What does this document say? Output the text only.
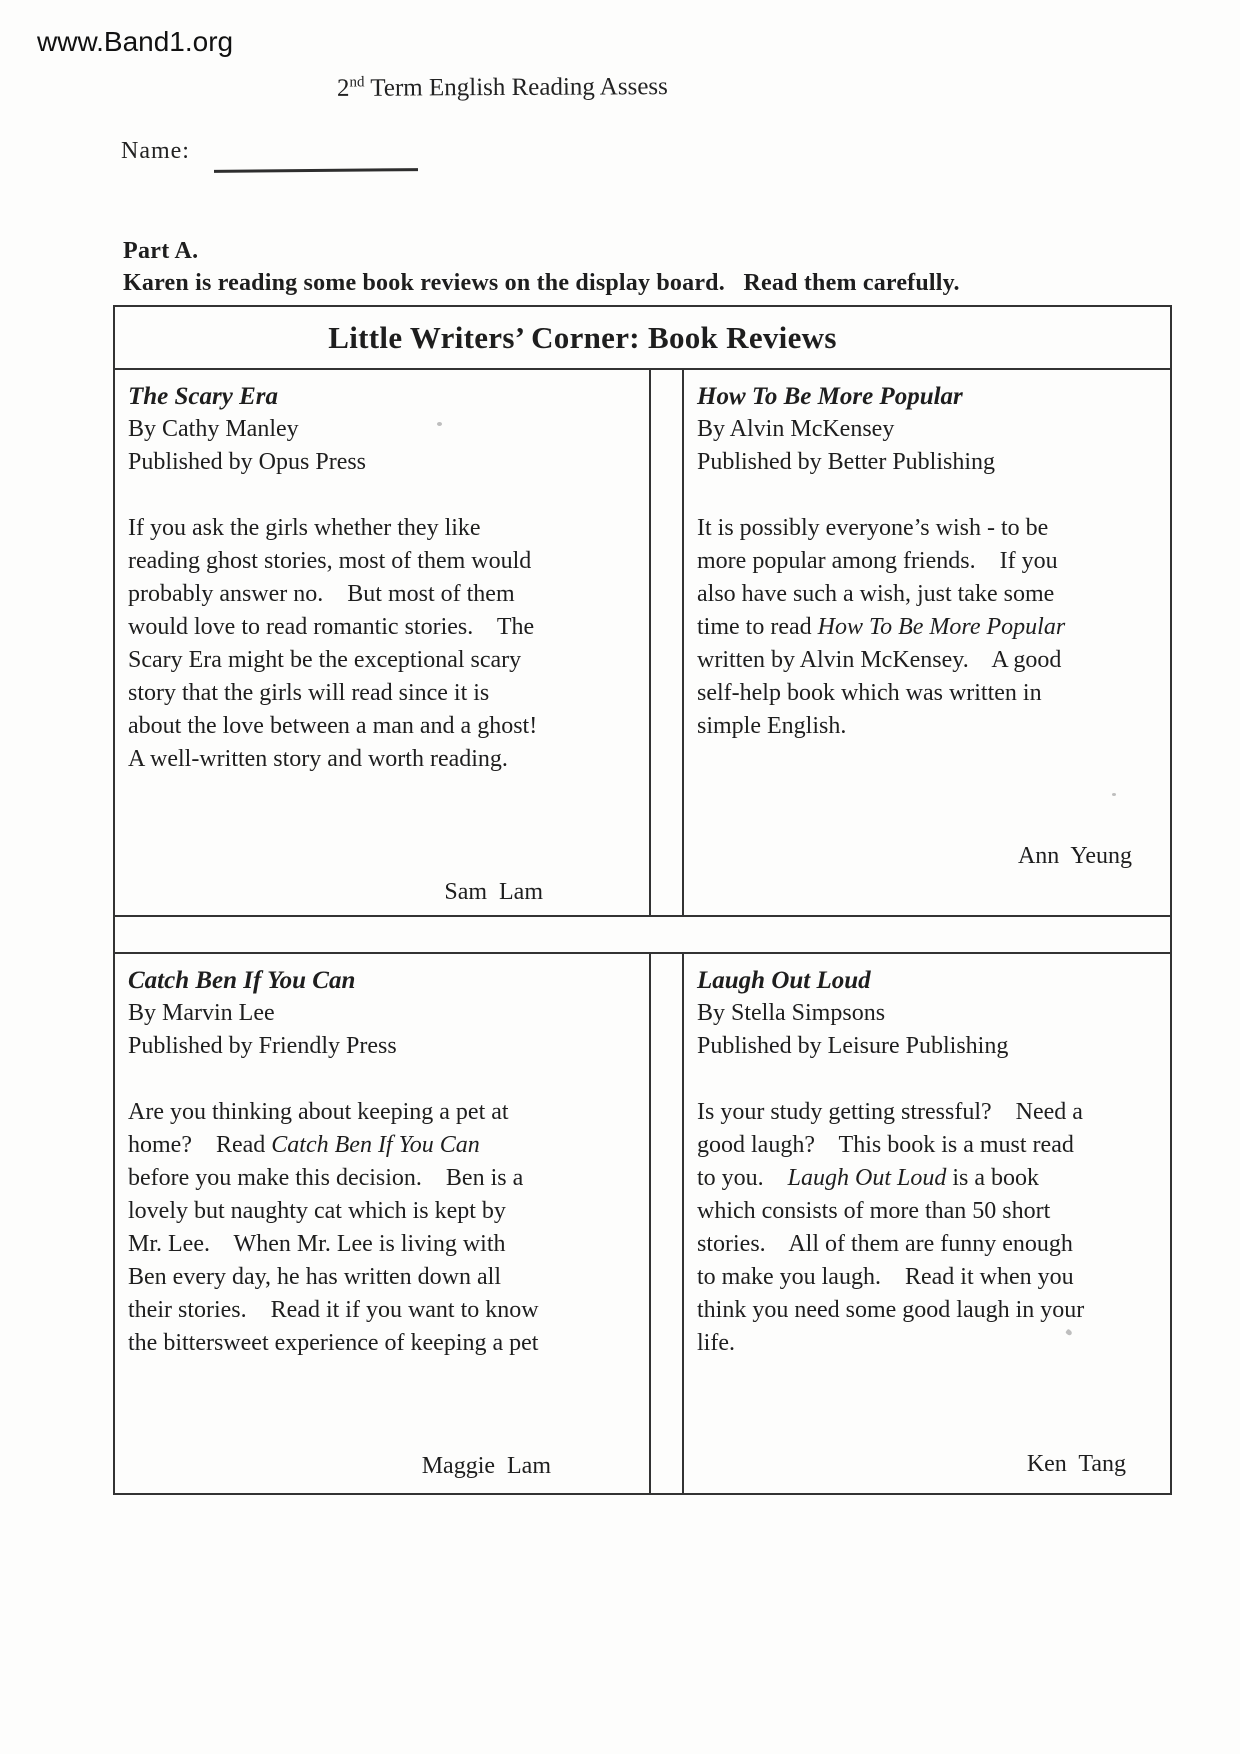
www.Band1.org
2nd Term English Reading Assess
Name:
Part A.
Karen is reading some book reviews on the display board.   Read them carefully.
Little Writers’ Corner: Book Reviews
The Scary Era
By Cathy Manley
Published by Opus Press
If you ask the girls whether they like
reading ghost stories, most of them would
probably answer no.    But most of them
would love to read romantic stories.    The
Scary Era might be the exceptional scary
story that the girls will read since it is
about the love between a man and a ghost!
A well-written story and worth reading.
Sam  Lam
How To Be More Popular
By Alvin McKensey
Published by Better Publishing
It is possibly everyone’s wish - to be
more popular among friends.    If you
also have such a wish, just take some
time to read How To Be More Popular
written by Alvin McKensey.    A good
self-help book which was written in
simple English.
Ann  Yeung
Catch Ben If You Can
By Marvin Lee
Published by Friendly Press
Are you thinking about keeping a pet at
home?    Read Catch Ben If You Can
before you make this decision.    Ben is a
lovely but naughty cat which is kept by
Mr. Lee.    When Mr. Lee is living with
Ben every day, he has written down all
their stories.    Read it if you want to know
the bittersweet experience of keeping a pet
Maggie  Lam
Laugh Out Loud
By Stella Simpsons
Published by Leisure Publishing
Is your study getting stressful?    Need a
good laugh?    This book is a must read
to you.    Laugh Out Loud is a book
which consists of more than 50 short
stories.    All of them are funny enough
to make you laugh.    Read it when you
think you need some good laugh in your
life.
Ken  Tang
